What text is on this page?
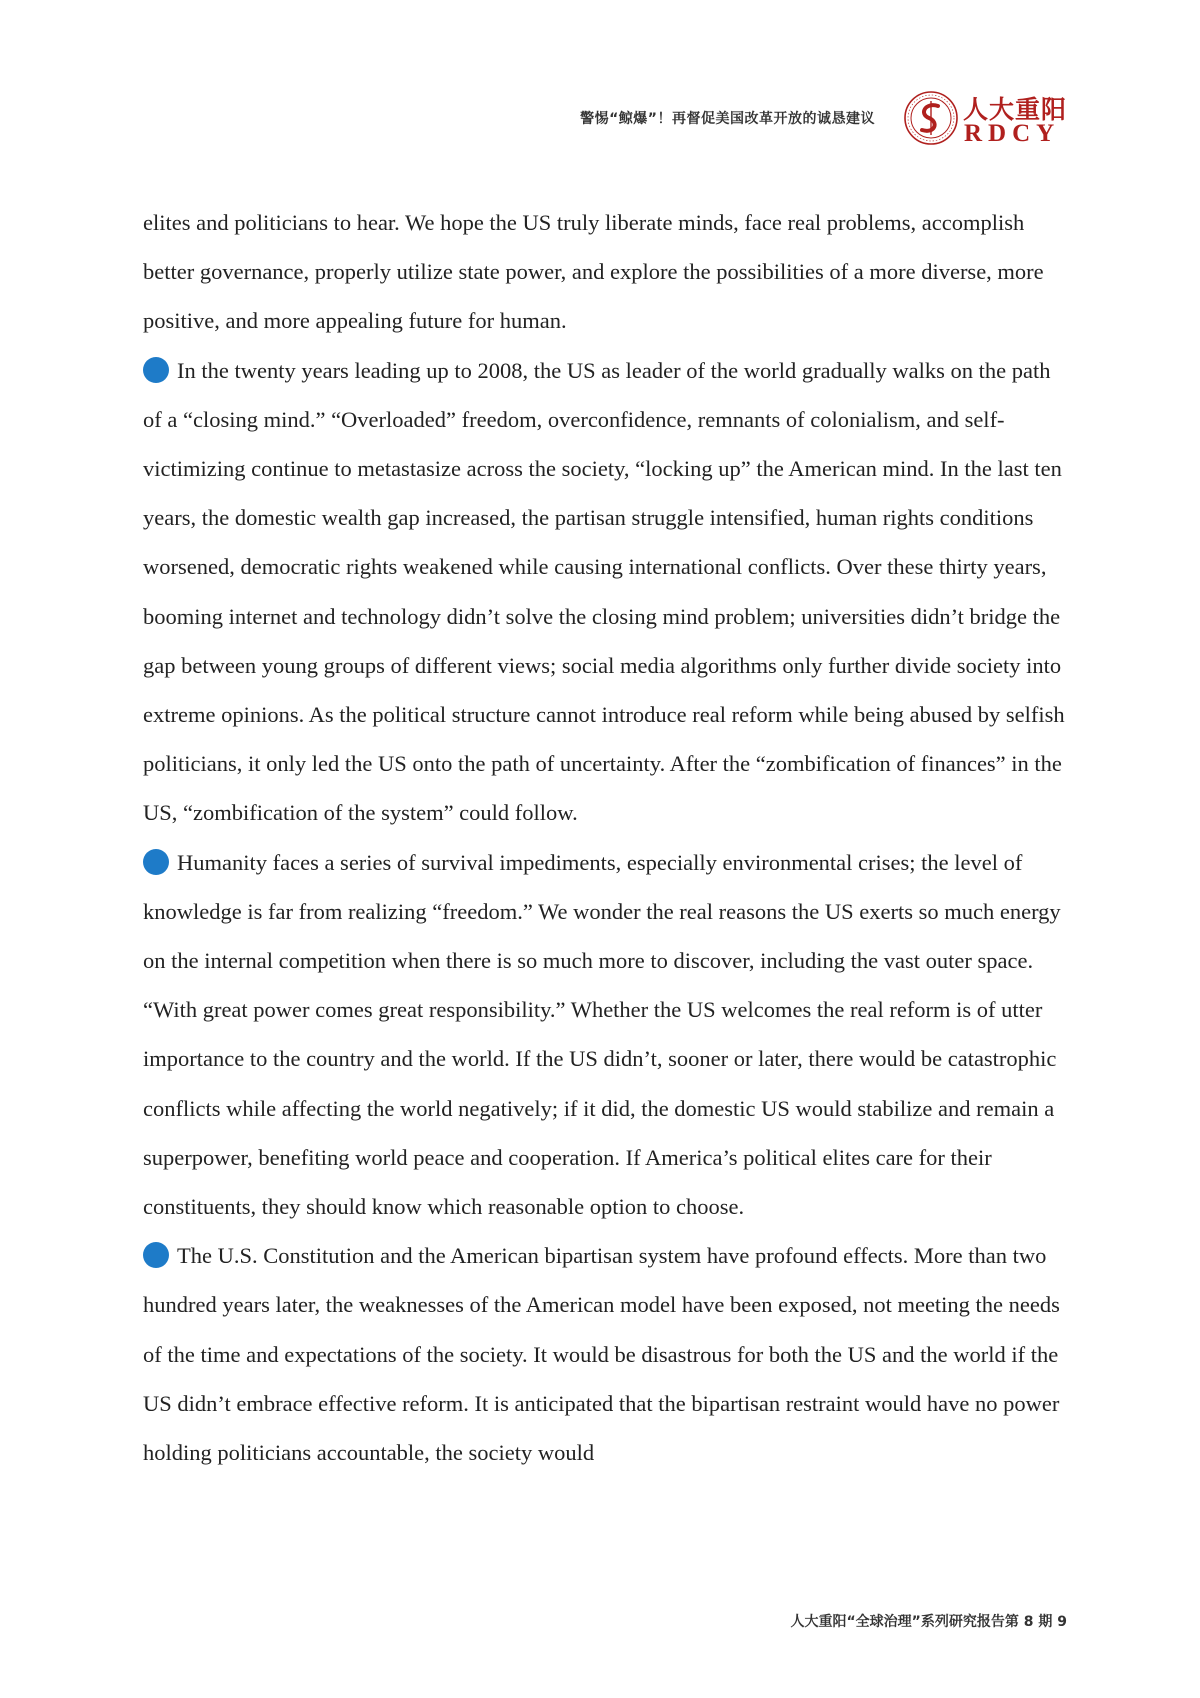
警惕“鲸爆”！再督促美国改革开放的诚恳建议	人大重阳
RDCY

elites and politicians to hear. We hope the US truly liberate minds, face real problems, accomplish better governance, properly utilize state power, and explore the possibilities of a more diverse, more positive, and more appealing future for human.

In the twenty years leading up to 2008, the US as leader of the world gradually walks on the path of a “closing mind.” “Overloaded” freedom, overconfidence, remnants of colonialism, and self-victimizing continue to metastasize across the society, “locking up” the American mind. In the last ten years, the domestic wealth gap increased, the partisan struggle intensified, human rights conditions worsened, democratic rights weakened while causing international conflicts. Over these thirty years, booming internet and technology didn’t solve the closing mind problem; universities didn’t bridge the gap between young groups of different views; social media algorithms only further divide society into extreme opinions. As the political structure cannot introduce real reform while being abused by selfish politicians, it only led the US onto the path of uncertainty. After the “zombification of finances” in the US, “zombification of the system” could follow.

Humanity faces a series of survival impediments, especially environmental crises; the level of knowledge is far from realizing “freedom.” We wonder the real reasons the US exerts so much energy on the internal competition when there is so much more to discover, including the vast outer space. “With great power comes great responsibility.” Whether the US welcomes the real reform is of utter importance to the country and the world. If the US didn’t, sooner or later, there would be catastrophic conflicts while affecting the world negatively; if it did, the domestic US would stabilize and remain a superpower, benefiting world peace and cooperation. If America’s political elites care for their constituents, they should know which reasonable option to choose.

The U.S. Constitution and the American bipartisan system have profound effects. More than two hundred years later, the weaknesses of the American model have been exposed, not meeting the needs of the time and expectations of the society. It would be disastrous for both the US and the world if the US didn’t embrace effective reform. It is anticipated that the bipartisan restraint would have no power holding politicians accountable, the society would

人大重阳“全球治理”系列研究报告第 8 期 9
